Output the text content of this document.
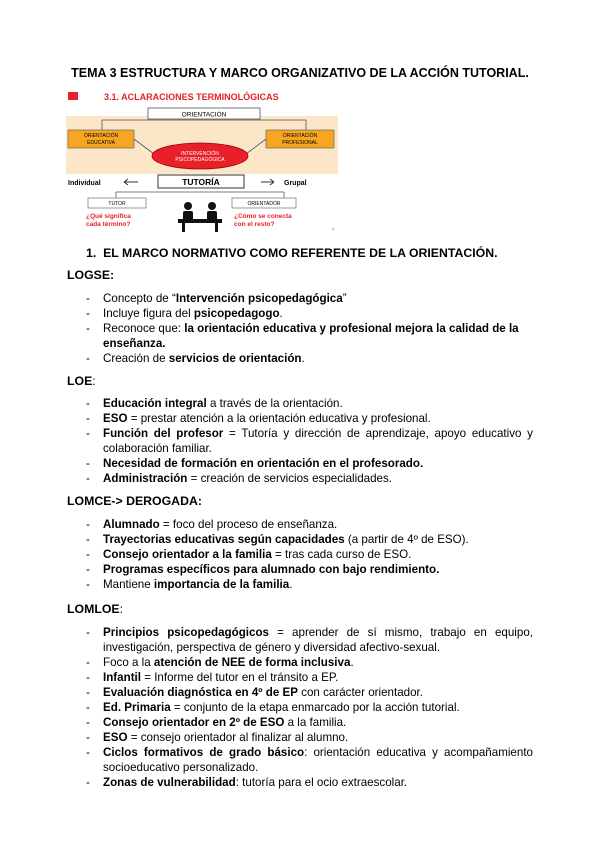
TEMA 3 ESTRUCTURA Y MARCO ORGANIZATIVO DE LA ACCIÓN TUTORIAL.
3.1. ACLARACIONES TERMINOLÓGICAS
ORIENTACIÓN
ORIENTACIÓN
EDUCATIVA
ORIENTACIÓN
PROFESIONAL
INTERVENCIÓN
PSICOPEDAGÓGICA
Individual	TUTORÍA	Grupal
TUTOR	ORIENTADOR
¿Qué significa
cada término?
¿Cómo se conecta
con el resto?
4
1. EL MARCO NORMATIVO COMO REFERENTE DE LA ORIENTACIÓN.
LOGSE:
- Concepto de “Intervención psicopedagógica”
- Incluye figura del psicopedagogo.
- Reconoce que: la orientación educativa y profesional mejora la calidad de la enseñanza.
- Creación de servicios de orientación.
LOE:
- Educación integral a través de la orientación.
- ESO = prestar atención a la orientación educativa y profesional.
- Función del profesor = Tutoría y dirección de aprendizaje, apoyo educativo y colaboración familiar.
- Necesidad de formación en orientación en el profesorado.
- Administración = creación de servicios especialidades.
LOMCE-> DEROGADA:
- Alumnado = foco del proceso de enseñanza.
- Trayectorias educativas según capacidades (a partir de 4º de ESO).
- Consejo orientador a la familia = tras cada curso de ESO.
- Programas específicos para alumnado con bajo rendimiento.
- Mantiene importancia de la familia.
LOMLOE:
- Principios psicopedagógicos = aprender de sí mismo, trabajo en equipo, investigación, perspectiva de género y diversidad afectivo-sexual.
- Foco a la atención de NEE de forma inclusiva.
- Infantil = Informe del tutor en el tránsito a EP.
- Evaluación diagnóstica en 4º de EP con carácter orientador.
- Ed. Primaria = conjunto de la etapa enmarcado por la acción tutorial.
- Consejo orientador en 2º de ESO a la familia.
- ESO = consejo orientador al finalizar al alumno.
- Ciclos formativos de grado básico: orientación educativa y acompañamiento socioeducativo personalizado.
- Zonas de vulnerabilidad: tutoría para el ocio extraescolar.
